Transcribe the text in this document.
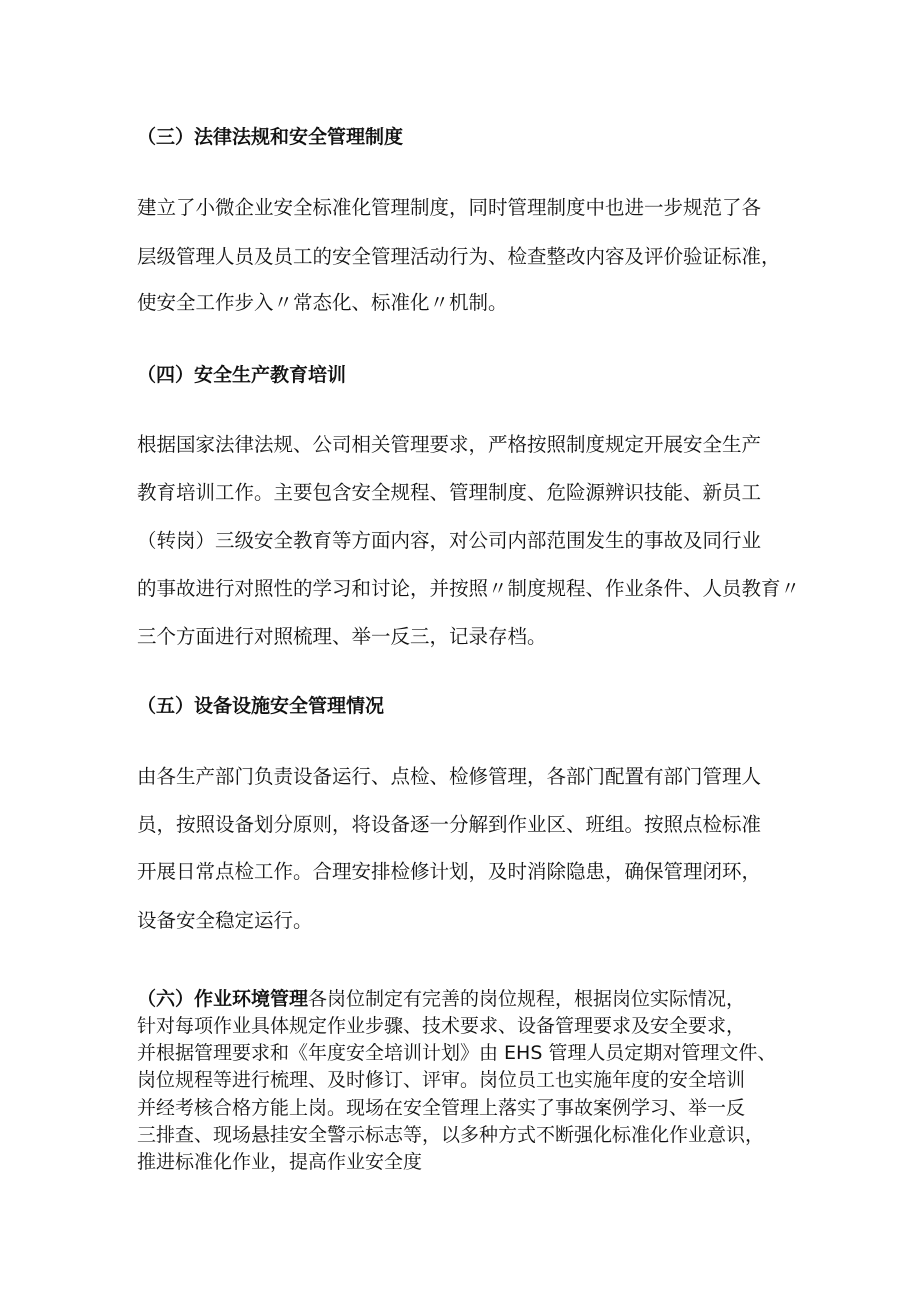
（三）法律法规和安全管理制度
建立了小微企业安全标准化管理制度，同时管理制度中也进一步规范了各
层级管理人员及员工的安全管理活动行为、检查整改内容及评价验证标准，
使安全工作步入〃常态化、标准化〃机制。
（四）安全生产教育培训
根据国家法律法规、公司相关管理要求，严格按照制度规定开展安全生产
教育培训工作。主要包含安全规程、管理制度、危险源辨识技能、新员工
（转岗）三级安全教育等方面内容，对公司内部范围发生的事故及同行业
的事故进行对照性的学习和讨论，并按照〃制度规程、作业条件、人员教育〃
三个方面进行对照梳理、举一反三，记录存档。
（五）设备设施安全管理情况
由各生产部门负责设备运行、点检、检修管理，各部门配置有部门管理人
员，按照设备划分原则，将设备逐一分解到作业区、班组。按照点检标准
开展日常点检工作。合理安排检修计划，及时消除隐患，确保管理闭环，
设备安全稳定运行。
（六）作业环境管理各岗位制定有完善的岗位规程，根据岗位实际情况，
针对每项作业具体规定作业步骤、技术要求、设备管理要求及安全要求，
并根据管理要求和《年度安全培训计划》由 EHS 管理人员定期对管理文件、
岗位规程等进行梳理、及时修订、评审。岗位员工也实施年度的安全培训
并经考核合格方能上岗。现场在安全管理上落实了事故案例学习、举一反
三排查、现场悬挂安全警示标志等，以多种方式不断强化标准化作业意识，
推进标准化作业，提高作业安全度
